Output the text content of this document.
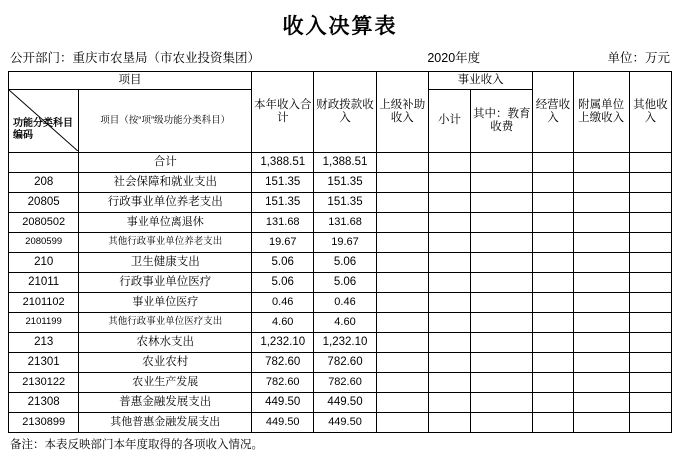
收入决算表
公开部门：重庆市农垦局（市农业投资集团）	2020年度	单位：万元
项目		本年收入合计	财政拨款收入	上级补助收入	事业收入		经营收入	附属单位上缴收入	其他收入

功能分类科目编码	项目（按“项”级功能分类科目）				小计	其中：教育收费			

	合计	1,388.51	1,388.51						
208	社会保障和就业支出	151.35	151.35						
20805	行政事业单位养老支出	151.35	151.35						
2080502	事业单位离退休	131.68	131.68						
2080599	其他行政事业单位养老支出	19.67	19.67						
210	卫生健康支出	5.06	5.06						
21011	行政事业单位医疗	5.06	5.06						
2101102	事业单位医疗	0.46	0.46						
2101199	其他行政事业单位医疗支出	4.60	4.60						
213	农林水支出	1,232.10	1,232.10						
21301	农业农村	782.60	782.60						
2130122	农业生产发展	782.60	782.60						
21308	普惠金融发展支出	449.50	449.50						
2130899	其他普惠金融发展支出	449.50	449.50						
备注：本表反映部门本年度取得的各项收入情况。
